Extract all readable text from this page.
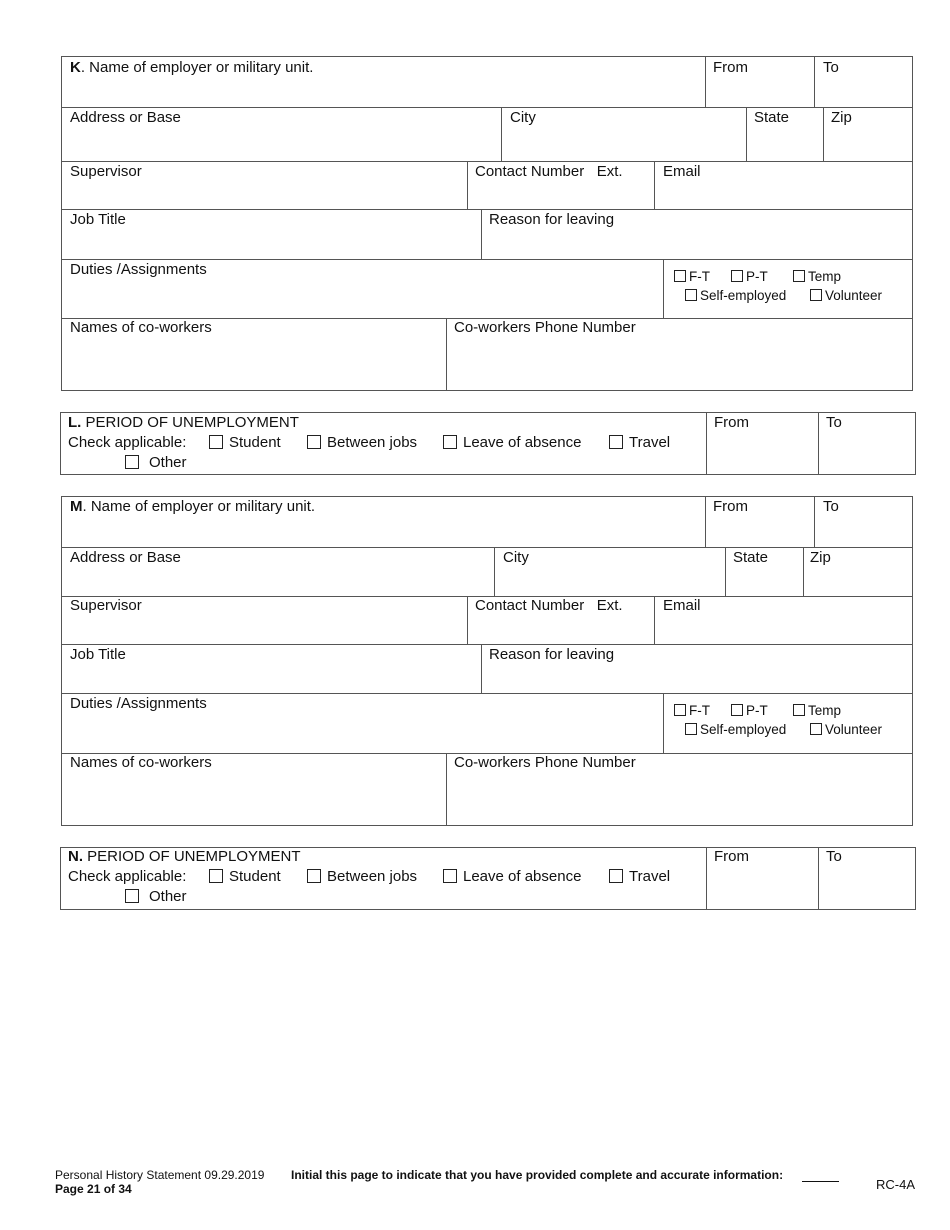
K. Name of employer or military unit.	From	To
Address or Base	City	State	Zip
Supervisor	Contact Number   Ext.	Email
Job Title	Reason for leaving
Duties /Assignments	F-T	P-T	Temp
Self-employed	Volunteer
Names of co-workers	Co-workers Phone Number
L. PERIOD OF UNEMPLOYMENT
Check applicable:	Student	Between jobs	Leave of absence	Travel
Other
From	To
M. Name of employer or military unit.	From	To
Address or Base	City	State	Zip
Supervisor	Contact Number   Ext.	Email
Job Title	Reason for leaving
Duties /Assignments	F-T	P-T	Temp
Self-employed	Volunteer
Names of co-workers	Co-workers Phone Number
N. PERIOD OF UNEMPLOYMENT
Check applicable:	Student	Between jobs	Leave of absence	Travel
Other
From	To
Personal History Statement 09.29.2019
Page 21 of 34
Initial this page to indicate that you have provided complete and accurate information:
RC-4A
